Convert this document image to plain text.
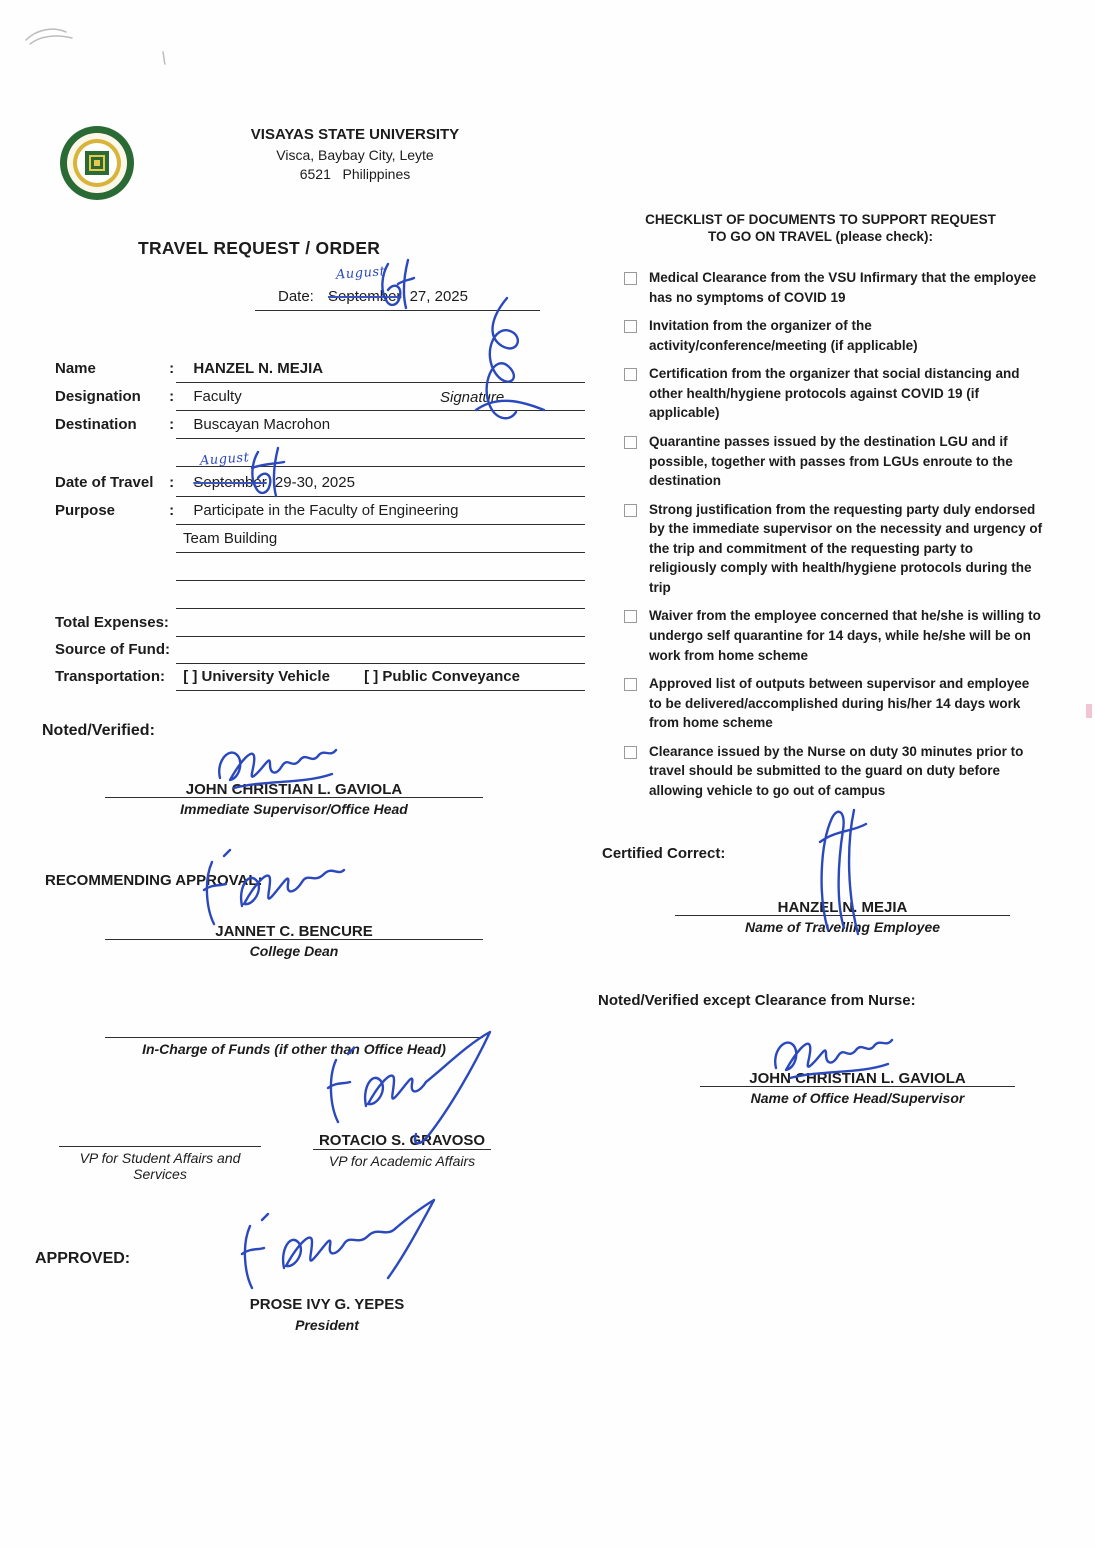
VISAYAS STATE UNIVERSITY
Visca, Baybay City, Leyte
6521   Philippines
TRAVEL REQUEST / ORDER
Date: September 27, 2025
August
Name	: HANZEL N. MEJIA
Designation : Faculty	Signature
Destination : Buscayan Macrohon
Date of Travel : September 29-30, 2025
August
Purpose	: Participate in the Faculty of Engineering
Team Building
Total Expenses:
Source of Fund:
Transportation: [ ] University Vehicle [ ] Public Conveyance
Noted/Verified:
JOHN CHRISTIAN L. GAVIOLA
Immediate Supervisor/Office Head
RECOMMENDING APPROVAL:
JANNET C. BENCURE
College Dean
In-Charge of Funds (if other than Office Head)
ROTACIO S. GRAVOSO
VP for Academic Affairs
VP for Student Affairs and
Services
APPROVED:
PROSE IVY G. YEPES
President
CHECKLIST OF DOCUMENTS TO SUPPORT REQUEST
TO GO ON TRAVEL (please check):
Medical Clearance from the VSU Infirmary that the employee has no symptoms of COVID 19
Invitation from the organizer of the activity/conference/meeting (if applicable)
Certification from the organizer that social distancing and other health/hygiene protocols against COVID 19 (if applicable)
Quarantine passes issued by the destination LGU and if possible, together with passes from LGUs enroute to the destination
Strong justification from the requesting party duly endorsed by the immediate supervisor on the necessity and urgency of the trip and commitment of the requesting party to religiously comply with health/hygiene protocols during the trip
Waiver from the employee concerned that he/she is willing to undergo self quarantine for 14 days, while he/she will be on work from home scheme
Approved list of outputs between supervisor and employee to be delivered/accomplished during his/her 14 days work from home scheme
Clearance issued by the Nurse on duty 30 minutes prior to travel should be submitted to the guard on duty before allowing vehicle to go out of campus
Certified Correct:
HANZEL N. MEJIA
Name of Travelling Employee
Noted/Verified except Clearance from Nurse:
JOHN CHRISTIAN L. GAVIOLA
Name of Office Head/Supervisor
